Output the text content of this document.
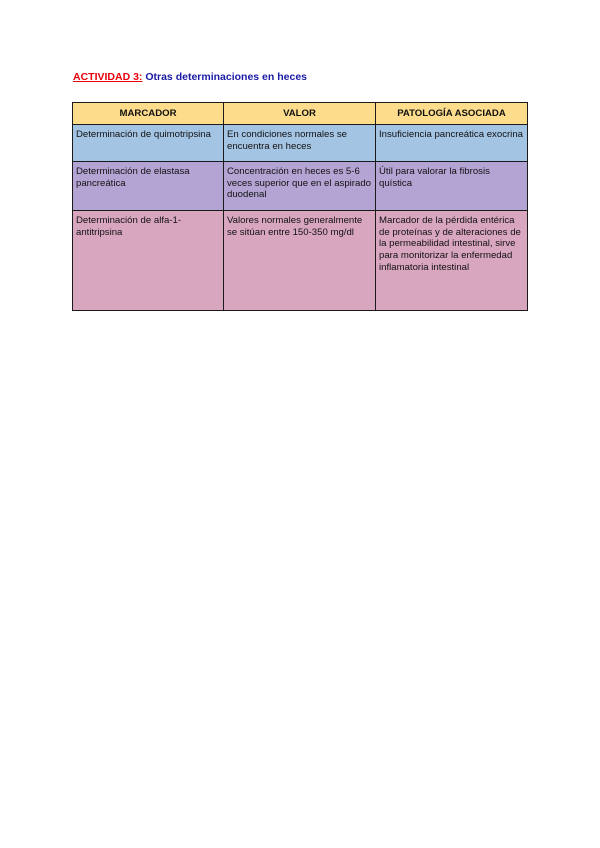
ACTIVIDAD 3: Otras determinaciones en heces
MARCADOR	VALOR	PATOLOGÍA ASOCIADA
Determinación de quimotripsina	En condiciones normales se encuentra en heces	Insuficiencia pancreática exocrina
Determinación de elastasa pancreática	Concentración en heces es 5-6 veces superior que en el aspirado duodenal	Útil para valorar la fibrosis quística
Determinación de alfa-1-antitripsina	Valores normales generalmente se sitúan entre 150-350 mg/dl	Marcador de la pérdida entérica de proteínas y de alteraciones de la permeabilidad intestinal, sirve para monitorizar la enfermedad inflamatoria intestinal
